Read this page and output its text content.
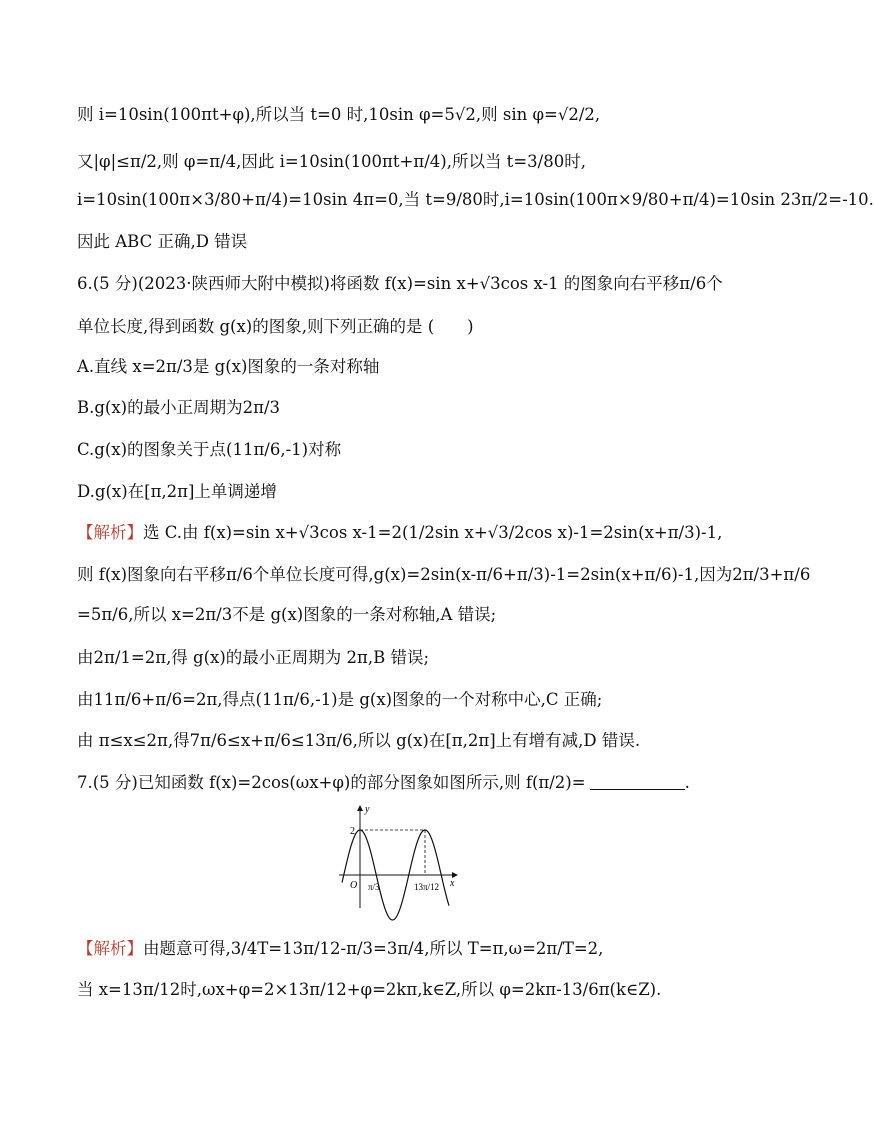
则 i=10sin(100πt+φ),所以当 t=0 时,10sin φ=5√2,则 sin φ=√2/2,
又|φ|≤π/2,则 φ=π/4,因此 i=10sin(100πt+π/4),所以当 t=3/80时,
i=10sin(100π×3/80+π/4)=10sin 4π=0,当 t=9/80时,i=10sin(100π×9/80+π/4)=10sin 23π/2=-10.
因此 ABC 正确,D 错误
6.(5 分)(2023·陕西师大附中模拟)将函数 f(x)=sin x+√3cos x-1 的图象向右平移π/6个
单位长度,得到函数 g(x)的图象,则下列正确的是 (　　)
A.直线 x=2π/3是 g(x)图象的一条对称轴
B.g(x)的最小正周期为2π/3
C.g(x)的图象关于点(11π/6,-1)对称
D.g(x)在[π,2π]上单调递增
【解析】选 C.由 f(x)=sin x+√3cos x-1=2(1/2sin x+√3/2cos x)-1=2sin(x+π/3)-1,
则 f(x)图象向右平移π/6个单位长度可得,g(x)=2sin(x-π/6+π/3)-1=2sin(x+π/6)-1,因为2π/3+π/6
=5π/6,所以 x=2π/3不是 g(x)图象的一条对称轴,A 错误;
由2π/1=2π,得 g(x)的最小正周期为 2π,B 错误;
由11π/6+π/6=2π,得点(11π/6,-1)是 g(x)图象的一个对称中心,C 正确;
由 π≤x≤2π,得7π/6≤x+π/6≤13π/6,所以 g(x)在[π,2π]上有增有减,D 错误.
7.(5 分)已知函数 f(x)=2cos(ωx+φ)的部分图象如图所示,则 f(π/2)=	.
y
x
O
2
π/3	13π/12
【解析】由题意可得,3/4T=13π/12-π/3=3π/4,所以 T=π,ω=2π/T=2,
当 x=13π/12时,ωx+φ=2×13π/12+φ=2kπ,k∈Z,所以 φ=2kπ-13/6π(k∈Z).
